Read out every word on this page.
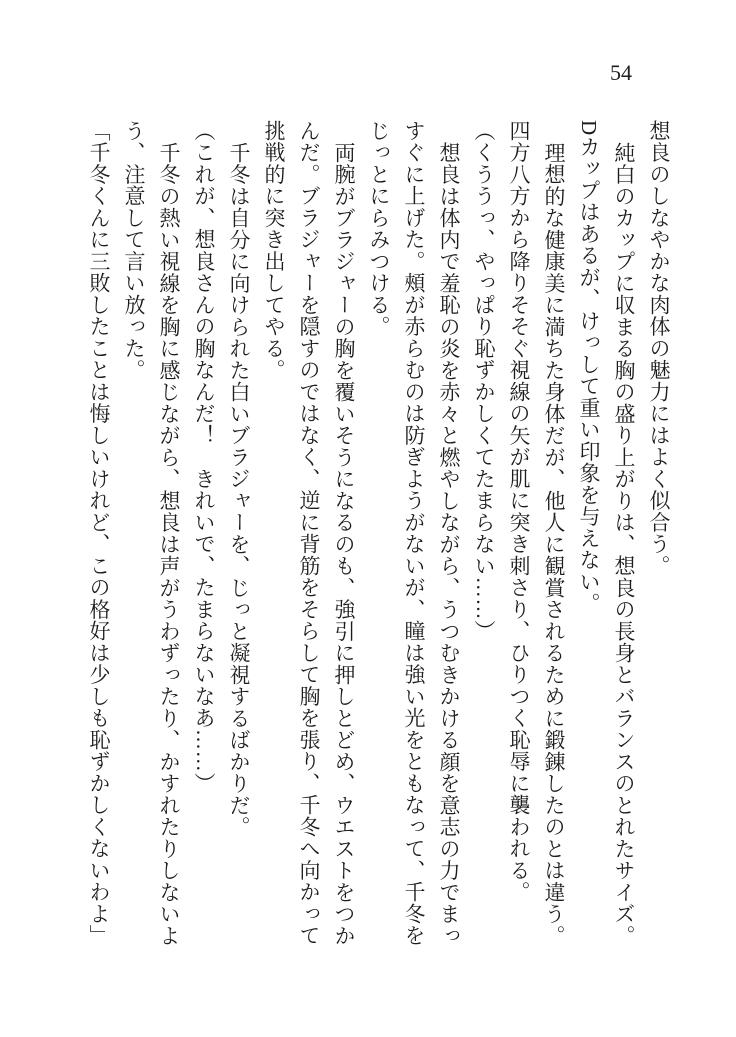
54

想良のしなやかな肉体の魅力にはよく似合う。

純白のカップに収まる胸の盛り上がりは、想良の長身とバランスのとれたサイズ。Dカップはあるが、けっして重い印象を与えない。

理想的な健康美に満ちた身体だが、他人に観賞されるために鍛錬したのとは違う。四方八方から降りそそぐ視線の矢が肌に突き刺さり、ひりつく恥辱に襲われる。

（くううっ、やっぱり恥ずかしくてたまらない……）

想良は体内で羞恥の炎を赤々と燃やしながら、うつむきかける顔を意志の力でまっすぐに上げた。頰が赤らむのは防ぎようがないが、瞳は強い光をともなって、千冬をじっとにらみつける。

両腕がブラジャーの胸を覆いそうになるのも、強引に押しとどめ、ウエストをつかんだ。ブラジャーを隠すのではなく、逆に背筋をそらして胸を張り、千冬へ向かって挑戦的に突き出してやる。

千冬は自分に向けられた白いブラジャーを、じっと凝視するばかりだ。

（これが、想良さんの胸なんだ！　きれいで、たまらないなあ……）

千冬の熱い視線を胸に感じながら、想良は声がうわずったり、かすれたりしないよう、注意して言い放った。

「千冬くんに三敗したことは悔しいけれど、この格好は少しも恥ずかしくないわよ」
